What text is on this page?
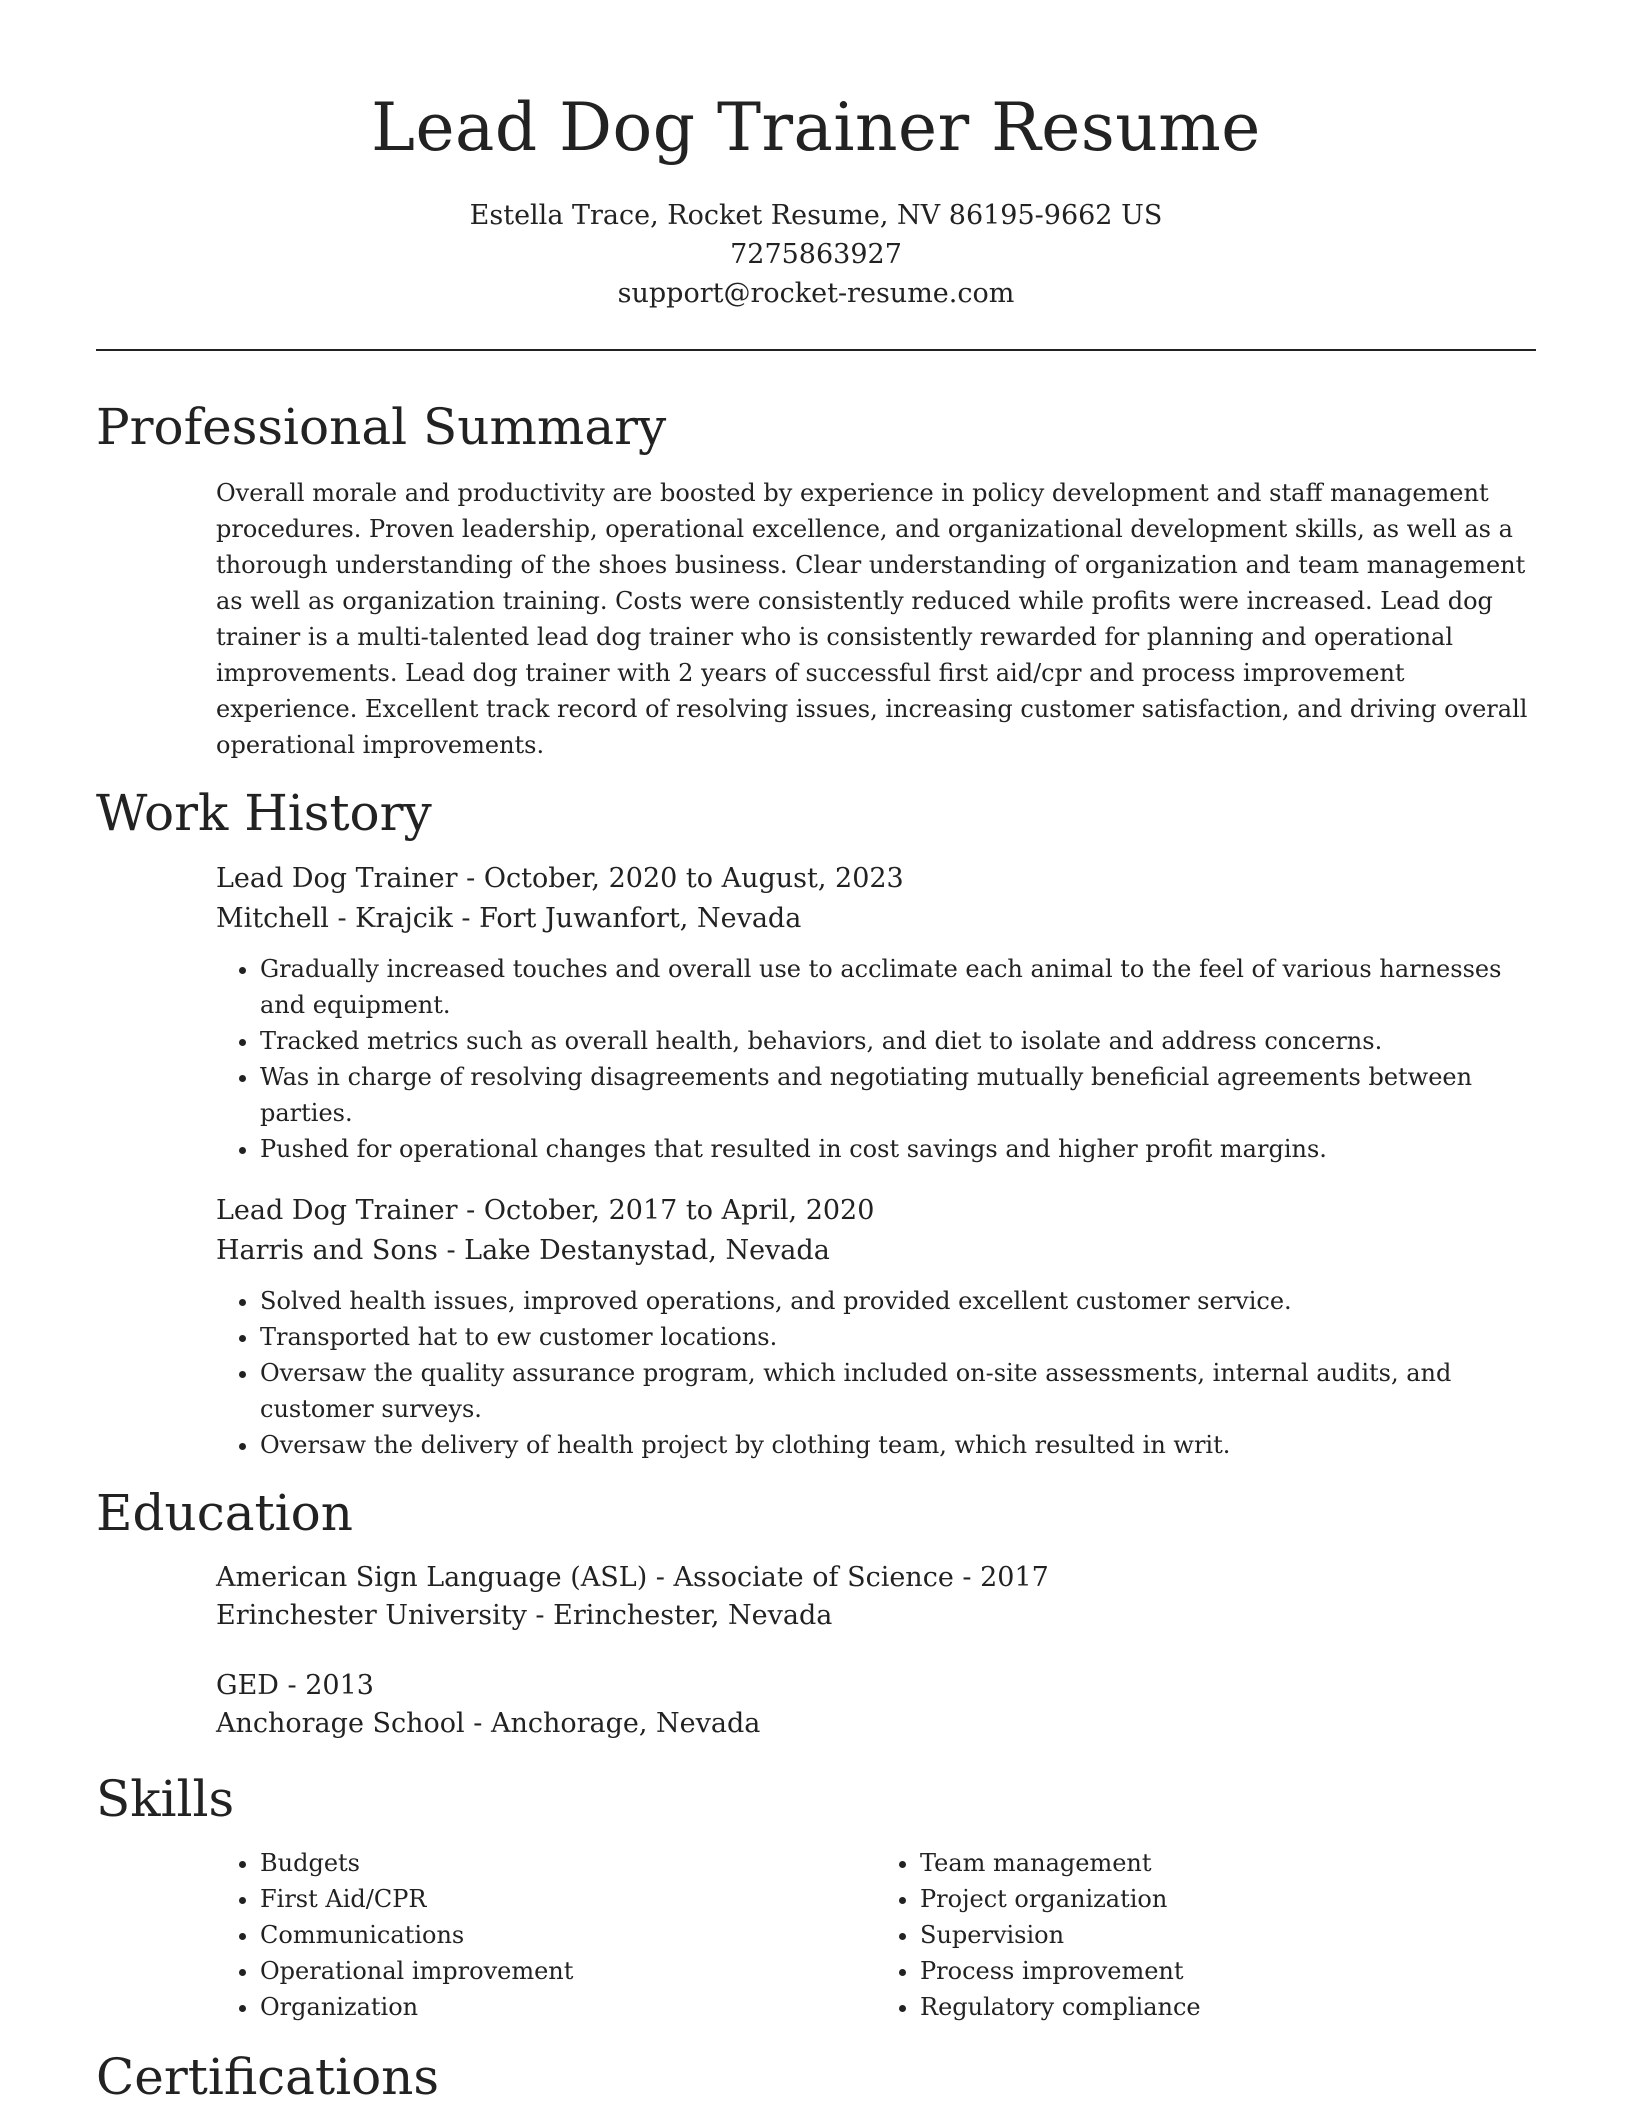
Lead Dog Trainer Resume
Estella Trace, Rocket Resume, NV 86195-9662 US
7275863927
support@rocket-resume.com
Professional Summary

Overall morale and productivity are boosted by experience in policy development and staff management procedures. Proven leadership, operational excellence, and organizational development skills, as well as a thorough understanding of the shoes business. Clear understanding of organization and team management as well as organization training. Costs were consistently reduced while profits were increased. Lead dog trainer is a multi-talented lead dog trainer who is consistently rewarded for planning and operational improvements. Lead dog trainer with 2 years of successful first aid/cpr and process improvement experience. Excellent track record of resolving issues, increasing customer satisfaction, and driving overall operational improvements.

Work History
Lead Dog Trainer - October, 2020 to August, 2023
Mitchell - Krajcik - Fort Juwanfort, Nevada
• Gradually increased touches and overall use to acclimate each animal to the feel of various harnesses and equipment.
• Tracked metrics such as overall health, behaviors, and diet to isolate and address concerns.
• Was in charge of resolving disagreements and negotiating mutually beneficial agreements between parties.
• Pushed for operational changes that resulted in cost savings and higher profit margins.
Lead Dog Trainer - October, 2017 to April, 2020
Harris and Sons - Lake Destanystad, Nevada
• Solved health issues, improved operations, and provided excellent customer service.
• Transported hat to ew customer locations.
• Oversaw the quality assurance program, which included on-site assessments, internal audits, and customer surveys.
• Oversaw the delivery of health project by clothing team, which resulted in writ.
Education
American Sign Language (ASL) - Associate of Science - 2017
Erinchester University - Erinchester, Nevada
GED - 2013
Anchorage School - Anchorage, Nevada
Skills
• Budgets
• First Aid/CPR
• Communications
• Operational improvement
• Organization
• Team management
• Project organization
• Supervision
• Process improvement
• Regulatory compliance
Certifications
